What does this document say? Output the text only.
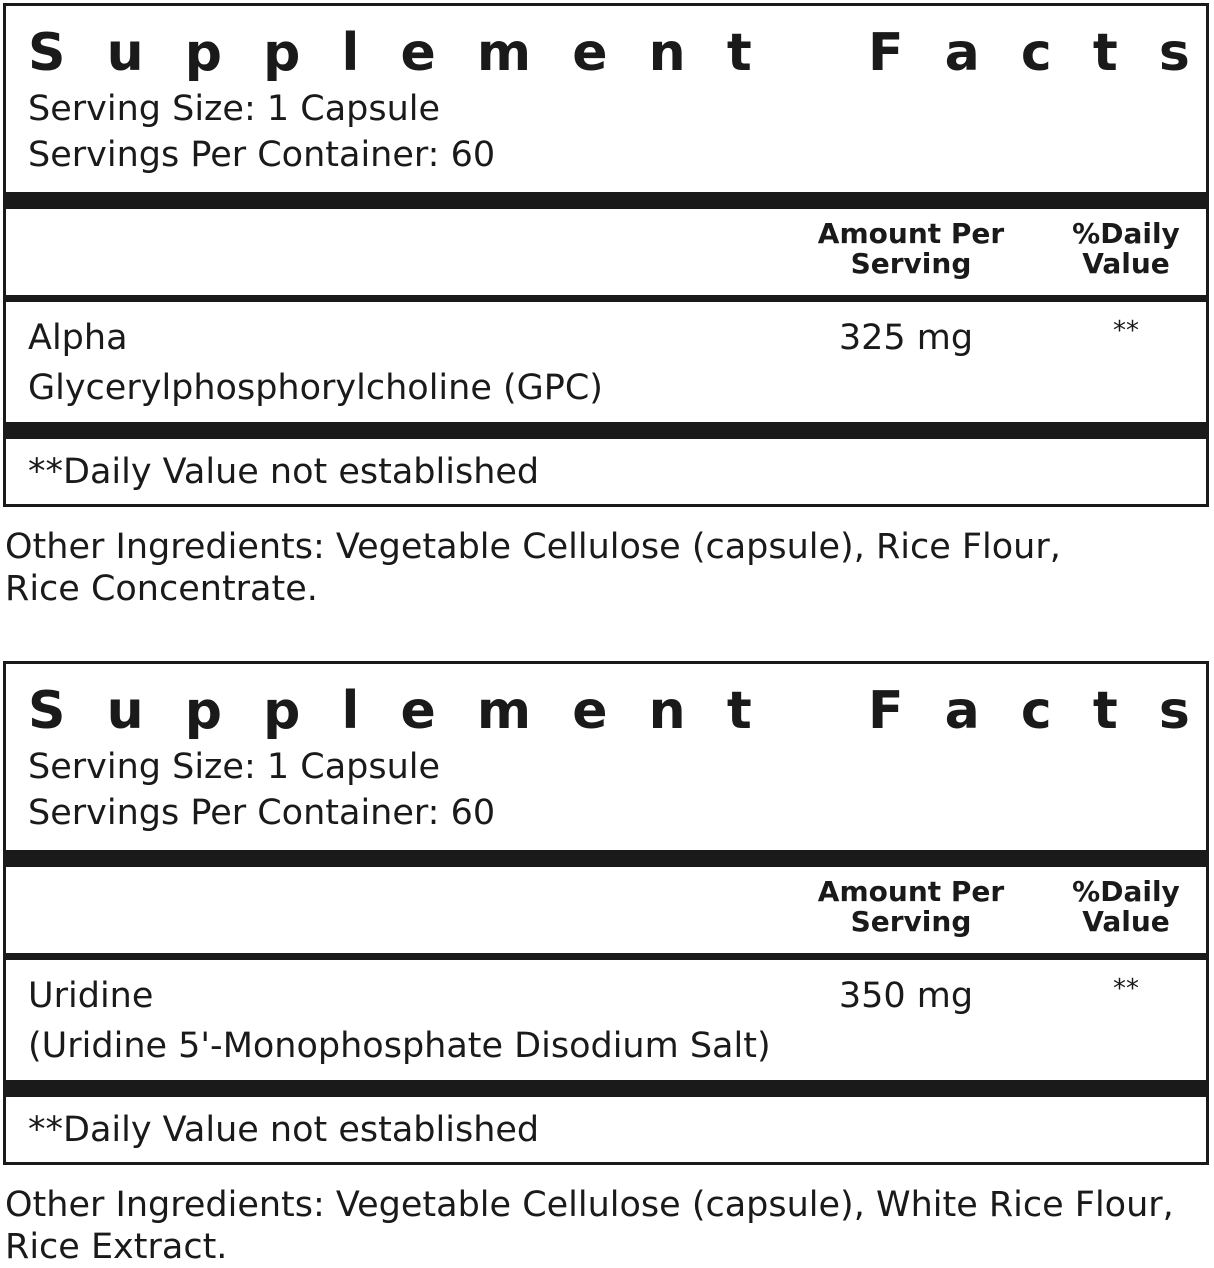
S u p p l e m e n t F a c t s
Serving Size: 1 Capsule
Servings Per Container: 60
Amount Per
Serving
%Daily
Value
Alpha
Glycerylphosphorylcholine (GPC)
325 mg	**
**Daily Value not established
Other Ingredients: Vegetable Cellulose (capsule), Rice Flour,
Rice Concentrate.
S u p p l e m e n t F a c t s
Serving Size: 1 Capsule
Servings Per Container: 60
Amount Per
Serving
%Daily
Value
Uridine
(Uridine 5'-Monophosphate Disodium Salt)
350 mg	**
**Daily Value not established
Other Ingredients: Vegetable Cellulose (capsule), White Rice Flour,
Rice Extract.
